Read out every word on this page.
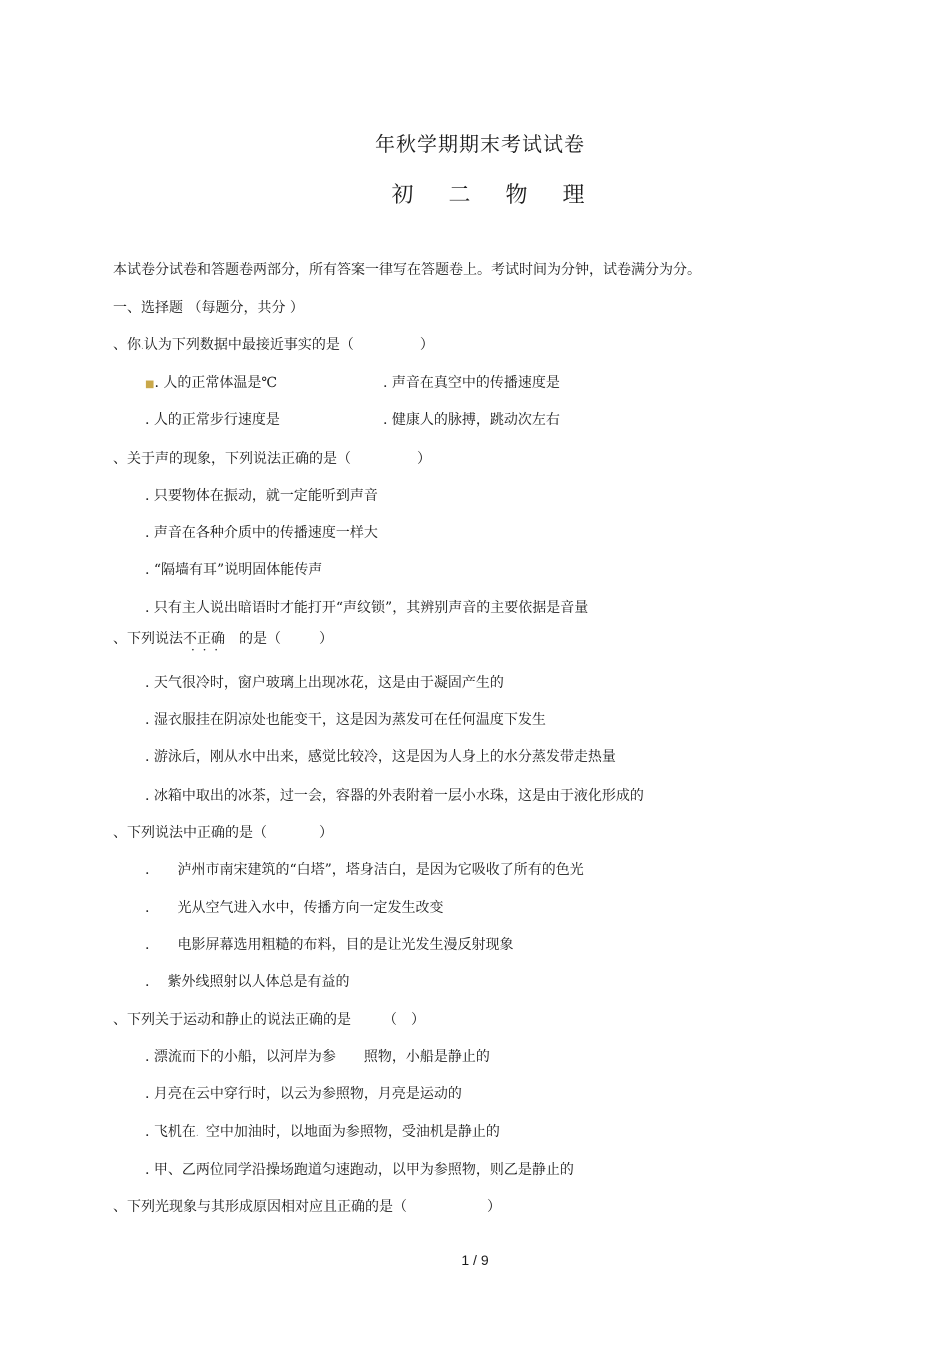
年秋学期期末考试试卷
初 二 物 理
本试卷分试卷和答题卷两部分，所有答案一律写在答题卷上。考试时间为分钟，试卷满分为分。
一、选择题 （每题分，共分 ）
、你.认为下列数据中最接近事实的是（	）
■. 人的正常体温是℃	. 声音在真空中的传播速度是
. 人的正常步行速度是	. 健康人的脉搏，跳动次左右
、关于声的现象，下列说法正确的是（	）
. 只要物体在振动，就一定能听到声音
. 声音在各种介质中的传播速度一样大
. “隔墙有耳”说明固体能传声
. 只有主人说出暗语时才能打开“声纹锁”，其辨别声音的主要依据是音量
、下列说法不正确 · · · 的是（	）
. 天气很冷时，窗户玻璃上出现冰花，这是由于凝固产生的
. 湿衣服挂在阴凉处也能变干，这是因为蒸发可在任何温度下发生
. 游泳后，刚从水中出来，感觉比较冷，这是因为人身上的水分蒸发带走热量
. 冰箱中取出的冰茶，过一会，容器的外表附着一层小水珠，这是由于液化形成的
、下列说法中正确的是（	）
. 泸州市南宋建筑的“白塔”，塔身洁白，是因为它吸收了所有的色光
. 光从空气进入水中，传播方向一定发生改变
. 电影屏幕选用粗糙的布料，目的是让光发生漫反射现象
. 紫外线照射以人体总是有益的
、下列关于运动和静止的说法正确的是 （ ）
. 漂流而下的小船，以河岸为参 照物，小船是静止的
. 月亮在云中穿行时，以云为参照物，月亮是运动的
. 飞机在. 空中加油时，以地面为参照物，受油机是静止的
. 甲、乙两位同学沿操场跑道匀速跑动，以甲为参照物，则乙是静止的
、下列光现象与其形成原因相对应且正确的是（	）
1 / 9
